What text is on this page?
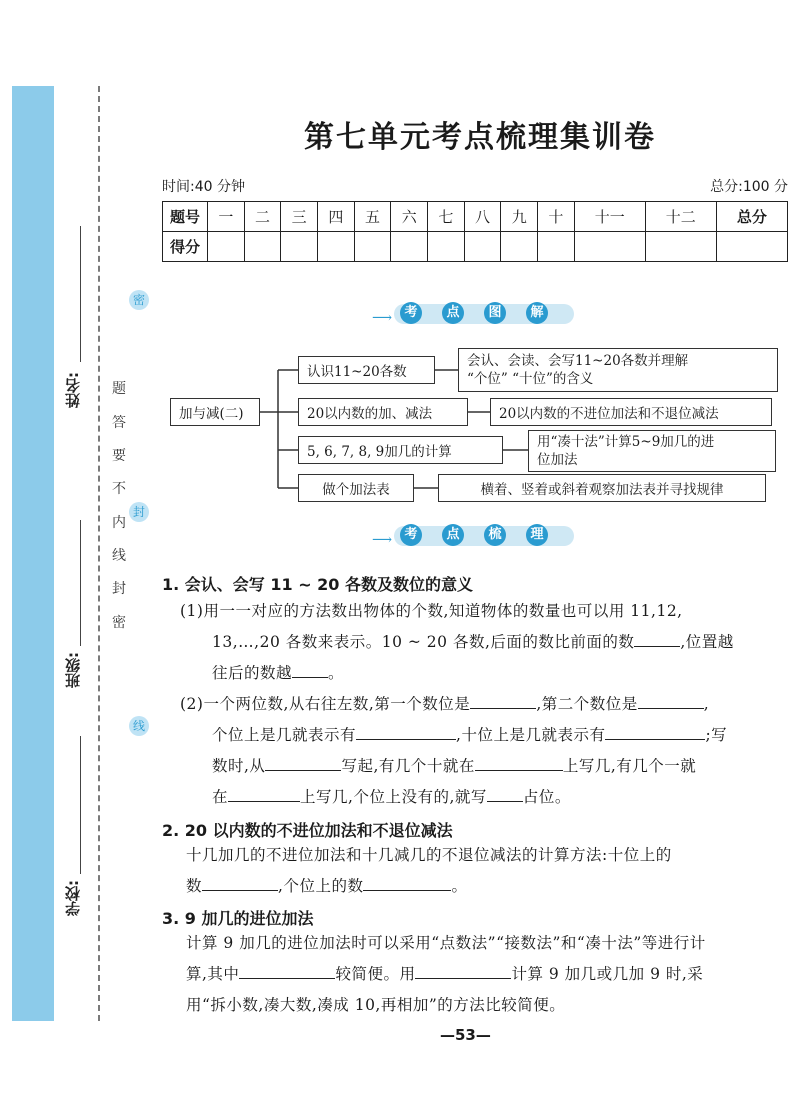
密
封
线
密
封
线
内
不
要
答
题
姓名:
班级:
学校:
第七单元考点梳理集训卷
时间:40 分钟	总分:100 分
题号	一	二	三	四	五	六	七	八	九	十	十一	十二	总分
得分													
⟶ 考	点	图	解
加与减(二)
认识11~20各数
会认、会读、会写11~20各数并理解
“个位” “十位”的含义
20以内数的加、减法	20以内数的不进位加法和不退位减法
5, 6, 7, 8, 9加几的计算
用“凑十法”计算5~9加几的进
位加法
做个加法表	横着、竖着或斜着观察加法表并寻找规律
⟶ 考	点	梳	理
1. 会认、会写 11 ~ 20 各数及数位的意义
(1)用一一对应的方法数出物体的个数,知道物体的数量也可以用 11,12,
13,…,20 各数来表示。10 ~ 20 各数,后面的数比前面的数	,位置越
往后的数越 。
(2)一个两位数,从右往左数,第一个数位是	,第二个数位是	,
个位上是几就表示有	,十位上是几就表示有	;写
数时,从	写起,有几个十就在	上写几,有几个一就
在	上写几,个位上没有的,就写 占位。
2. 20 以内数的不进位加法和不退位减法
十几加几的不进位加法和十几减几的不退位减法的计算方法:十位上的
数	,个位上的数	。
3. 9 加几的进位加法
计算 9 加几的进位加法时可以采用“点数法”“接数法”和“凑十法”等进行计
算,其中	较简便。用	计算 9 加几或几加 9 时,采
用“拆小数,凑大数,凑成 10,再相加”的方法比较简便。
—53—
